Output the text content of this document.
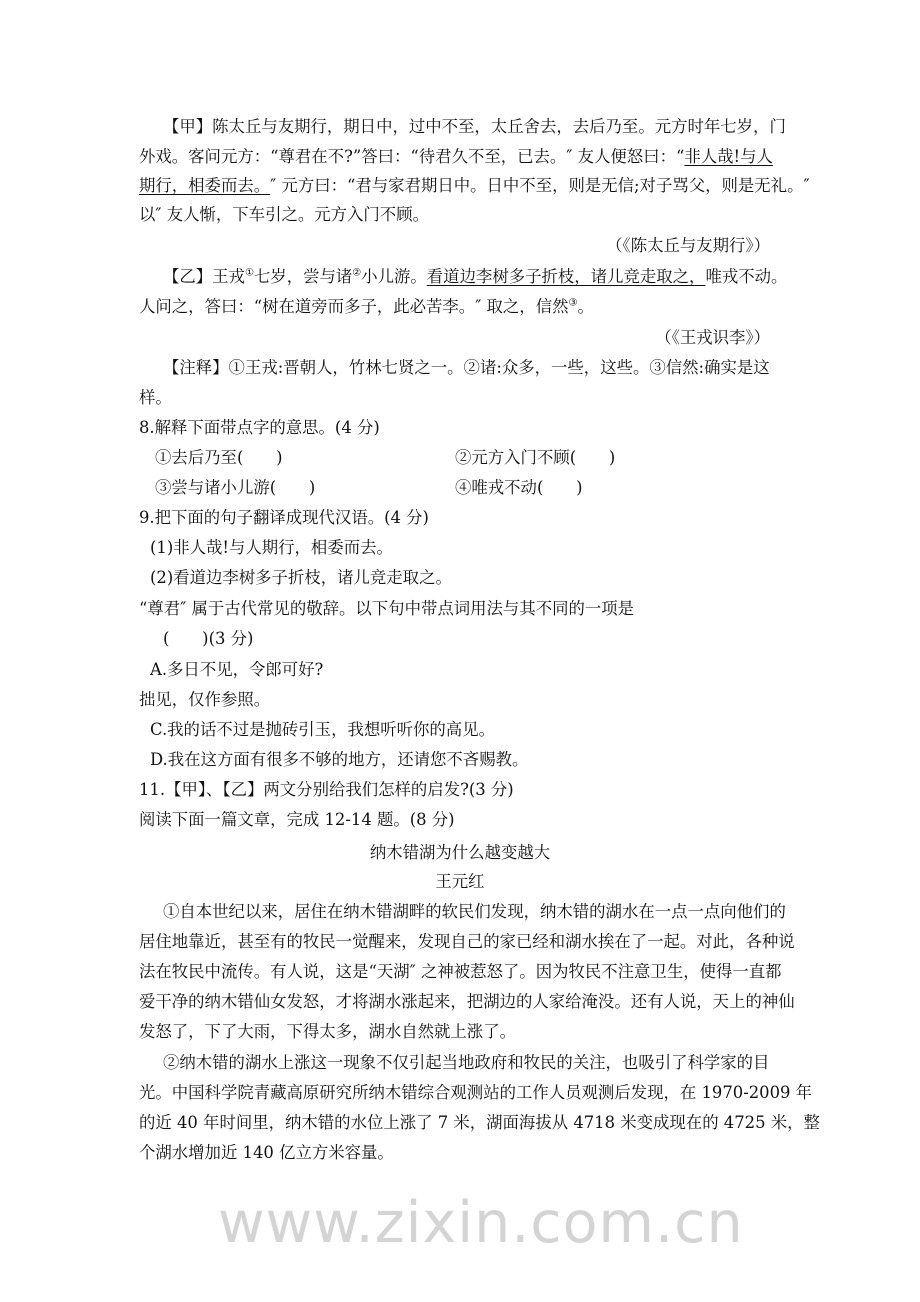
www.zixin.com.cn
【甲】陈太丘与友期行，期日中，过中不至，太丘舍去，去后乃至。元方时年七岁，门
外戏。客问元方：“尊君在不?”答曰：“待君久不至，已去。″ 友人便怒曰：“非人哉!与人
期行，相委而去。″ 元方曰：“君与家君期日中。日中不至，则是无信;对子骂父，则是无礼。″
以″ 友人惭，下车引之。元方入门不顾。
（《陈太丘与友期行》）
【乙】王戎①七岁，尝与诸②小儿游。看道边李树多子折枝，诸儿竞走取之，唯戎不动。
人问之，答曰：“树在道旁而多子，此必苦李。″ 取之，信然③。
（《王戎识李》）
【注释】①王戎:晋朝人，竹林七贤之一。②诸:众多，一些，这些。③信然:确实是这
样。
8.解释下面带点字的意思。(4 分)
①去后乃至(　　)	②元方入门不顾(　　)
③尝与诸小儿游(　　)	④唯戎不动(　　)
9.把下面的句子翻译成现代汉语。(4 分)
(1)非人哉!与人期行，相委而去。
(2)看道边李树多子折枝，诸儿竞走取之。
“尊君″ 属于古代常见的敬辞。以下句中带点词用法与其不同的一项是
(　　)(3 分)
A.多日不见，令郎可好?
拙见，仅作参照。
C.我的话不过是抛砖引玉，我想听听你的高见。
D.我在这方面有很多不够的地方，还请您不吝赐教。
11.【甲】、【乙】两文分别给我们怎样的启发?(3 分)
阅读下面一篇文章，完成 12-14 题。(8 分)
纳木错湖为什么越变越大
王元红
①自本世纪以来，居住在纳木错湖畔的软民们发现，纳木错的湖水在一点一点向他们的
居住地靠近，甚至有的牧民一觉醒来，发现自己的家已经和湖水挨在了一起。对此，各种说
法在牧民中流传。有人说，这是“天湖″ 之神被惹怒了。因为牧民不注意卫生，使得一直都
爱干净的纳木错仙女发怒，才将湖水涨起来，把湖边的人家给淹没。还有人说，天上的神仙
发怒了，下了大雨，下得太多，湖水自然就上涨了。
②纳木错的湖水上涨这一现象不仅引起当地政府和牧民的关注，也吸引了科学家的目
光。中国科学院青藏高原研究所纳木错综合观测站的工作人员观测后发现，在 1970-2009 年
的近 40 年时间里，纳木错的水位上涨了 7 米，湖面海拔从 4718 米变成现在的 4725 米，整
个湖水增加近 140 亿立方米容量。
